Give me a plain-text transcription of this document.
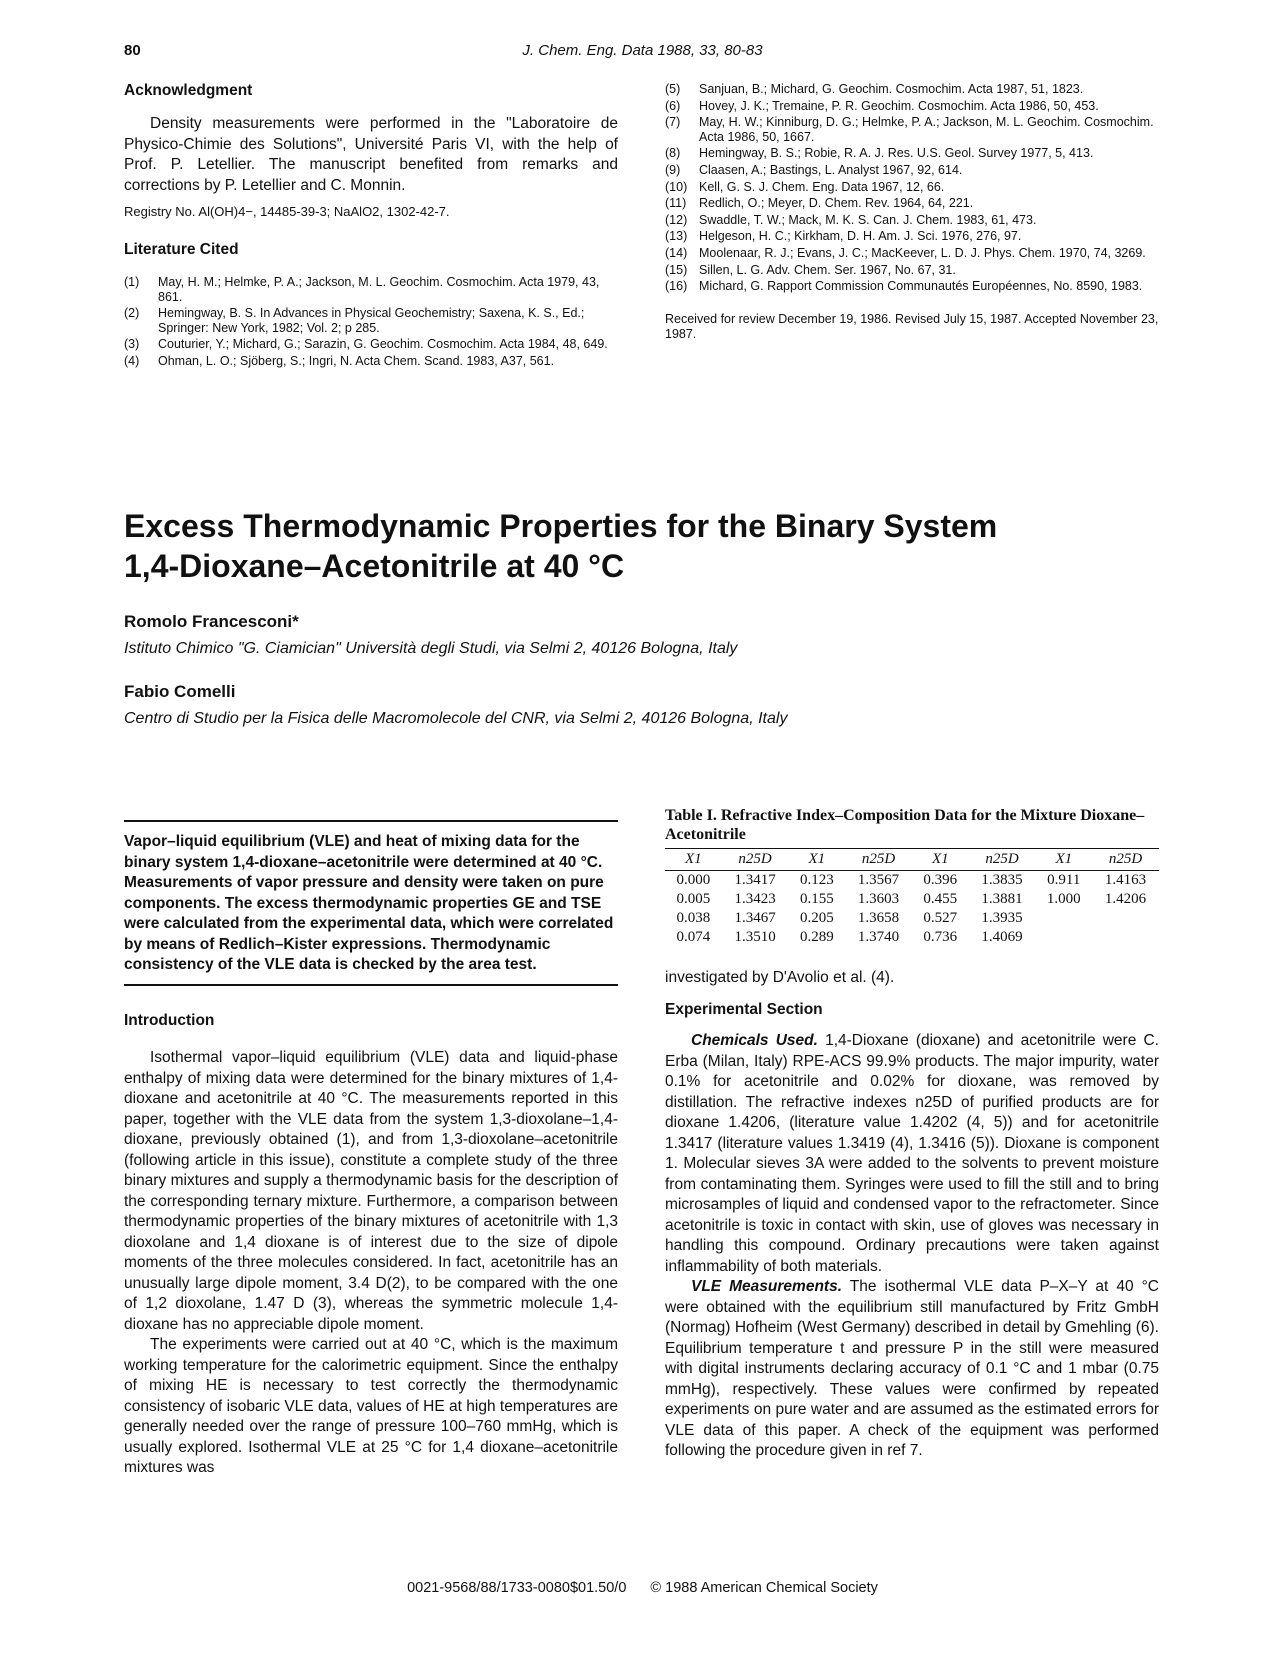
80	J. Chem. Eng. Data 1988, 33, 80-83
Acknowledgment

Density measurements were performed in the "Laboratoire de Physico-Chimie des Solutions", Université Paris VI, with the help of Prof. P. Letellier. The manuscript benefited from remarks and corrections by P. Letellier and C. Monnin.

Registry No. Al(OH)4−, 14485-39-3; NaAlO2, 1302-42-7.
Literature Cited
(1)	May, H. M.; Helmke, P. A.; Jackson, M. L. Geochim. Cosmochim. Acta 1979, 43, 861.
(2)	Hemingway, B. S. In Advances in Physical Geochemistry; Saxena, K. S., Ed.; Springer: New York, 1982; Vol. 2; p 285.
(3)	Couturier, Y.; Michard, G.; Sarazin, G. Geochim. Cosmochim. Acta 1984, 48, 649.
(4)	Ohman, L. O.; Sjöberg, S.; Ingri, N. Acta Chem. Scand. 1983, A37, 561.
(5)	Sanjuan, B.; Michard, G. Geochim. Cosmochim. Acta 1987, 51, 1823.
(6)	Hovey, J. K.; Tremaine, P. R. Geochim. Cosmochim. Acta 1986, 50, 453.
(7)	May, H. W.; Kinniburg, D. G.; Helmke, P. A.; Jackson, M. L. Geochim. Cosmochim. Acta 1986, 50, 1667.
(8)	Hemingway, B. S.; Robie, R. A. J. Res. U.S. Geol. Survey 1977, 5, 413.
(9)	Claasen, A.; Bastings, L. Analyst 1967, 92, 614.
(10) Kell, G. S. J. Chem. Eng. Data 1967, 12, 66.
(11)	Redlich, O.; Meyer, D. Chem. Rev. 1964, 64, 221.
(12) Swaddle, T. W.; Mack, M. K. S. Can. J. Chem. 1983, 61, 473.
(13) Helgeson, H. C.; Kirkham, D. H. Am. J. Sci. 1976, 276, 97.
(14) Moolenaar, R. J.; Evans, J. C.; MacKeever, L. D. J. Phys. Chem. 1970, 74, 3269.
(15) Sillen, L. G. Adv. Chem. Ser. 1967, No. 67, 31.
(16) Michard, G. Rapport Commission Communautés Européennes, No. 8590, 1983.
Received for review December 19, 1986. Revised July 15, 1987. Accepted November 23, 1987.
Excess Thermodynamic Properties for the Binary System
1,4-Dioxane–Acetonitrile at 40 °C
Romolo Francesconi*
Istituto Chimico "G. Ciamician" Università degli Studi, via Selmi 2, 40126 Bologna, Italy
Fabio Comelli
Centro di Studio per la Fisica delle Macromolecole del CNR, via Selmi 2, 40126 Bologna, Italy
Vapor–liquid equilibrium (VLE) and heat of mixing data for the binary system 1,4-dioxane–acetonitrile were determined at 40 °C. Measurements of vapor pressure and density were taken on pure components. The excess thermodynamic properties GE and TSE were calculated from the experimental data, which were correlated by means of Redlich–Kister expressions. Thermodynamic consistency of the VLE data is checked by the area test.
Introduction

Isothermal vapor–liquid equilibrium (VLE) data and liquid-phase enthalpy of mixing data were determined for the binary mixtures of 1,4-dioxane and acetonitrile at 40 °C. The measurements reported in this paper, together with the VLE data from the system 1,3-dioxolane–1,4-dioxane, previously obtained (1), and from 1,3-dioxolane–acetonitrile (following article in this issue), constitute a complete study of the three binary mixtures and supply a thermodynamic basis for the description of the corresponding ternary mixture. Furthermore, a comparison between thermodynamic properties of the binary mixtures of acetonitrile with 1,3 dioxolane and 1,4 dioxane is of interest due to the size of dipole moments of the three molecules considered. In fact, acetonitrile has an unusually large dipole moment, 3.4 D(2), to be compared with the one of 1,2 dioxolane, 1.47 D (3), whereas the symmetric molecule 1,4-dioxane has no appreciable dipole moment.

The experiments were carried out at 40 °C, which is the maximum working temperature for the calorimetric equipment. Since the enthalpy of mixing HE is necessary to test correctly the thermodynamic consistency of isobaric VLE data, values of HE at high temperatures are generally needed over the range of pressure 100–760 mmHg, which is usually explored. Isothermal VLE at 25 °C for 1,4 dioxane–acetonitrile mixtures was

Table I. Refractive Index–Composition Data for the Mixture Dioxane–Acetonitrile
X1	n25D	X1	n25D	X1	n25D	X1	n25D
0.000	1.3417	0.123	1.3567	0.396	1.3835	0.911	1.4163
0.005	1.3423	0.155	1.3603	0.455	1.3881	1.000	1.4206
0.038	1.3467	0.205	1.3658	0.527	1.3935		
0.074	1.3510	0.289	1.3740	0.736	1.4069		
investigated by D'Avolio et al. (4).
Experimental Section

Chemicals Used. 1,4-Dioxane (dioxane) and acetonitrile were C. Erba (Milan, Italy) RPE-ACS 99.9% products. The major impurity, water 0.1% for acetonitrile and 0.02% for dioxane, was removed by distillation. The refractive indexes n25D of purified products are for dioxane 1.4206, (literature value 1.4202 (4, 5)) and for acetonitrile 1.3417 (literature values 1.3419 (4), 1.3416 (5)). Dioxane is component 1. Molecular sieves 3A were added to the solvents to prevent moisture from contaminating them. Syringes were used to fill the still and to bring microsamples of liquid and condensed vapor to the refractometer. Since acetonitrile is toxic in contact with skin, use of gloves was necessary in handling this compound. Ordinary precautions were taken against inflammability of both materials.

VLE Measurements. The isothermal VLE data P–X–Y at 40 °C were obtained with the equilibrium still manufactured by Fritz GmbH (Normag) Hofheim (West Germany) described in detail by Gmehling (6). Equilibrium temperature t and pressure P in the still were measured with digital instruments declaring accuracy of 0.1 °C and 1 mbar (0.75 mmHg), respectively. These values were confirmed by repeated experiments on pure water and are assumed as the estimated errors for VLE data of this paper. A check of the equipment was performed following the procedure given in ref 7.

0021-9568/88/1733-0080$01.50/0 © 1988 American Chemical Society
